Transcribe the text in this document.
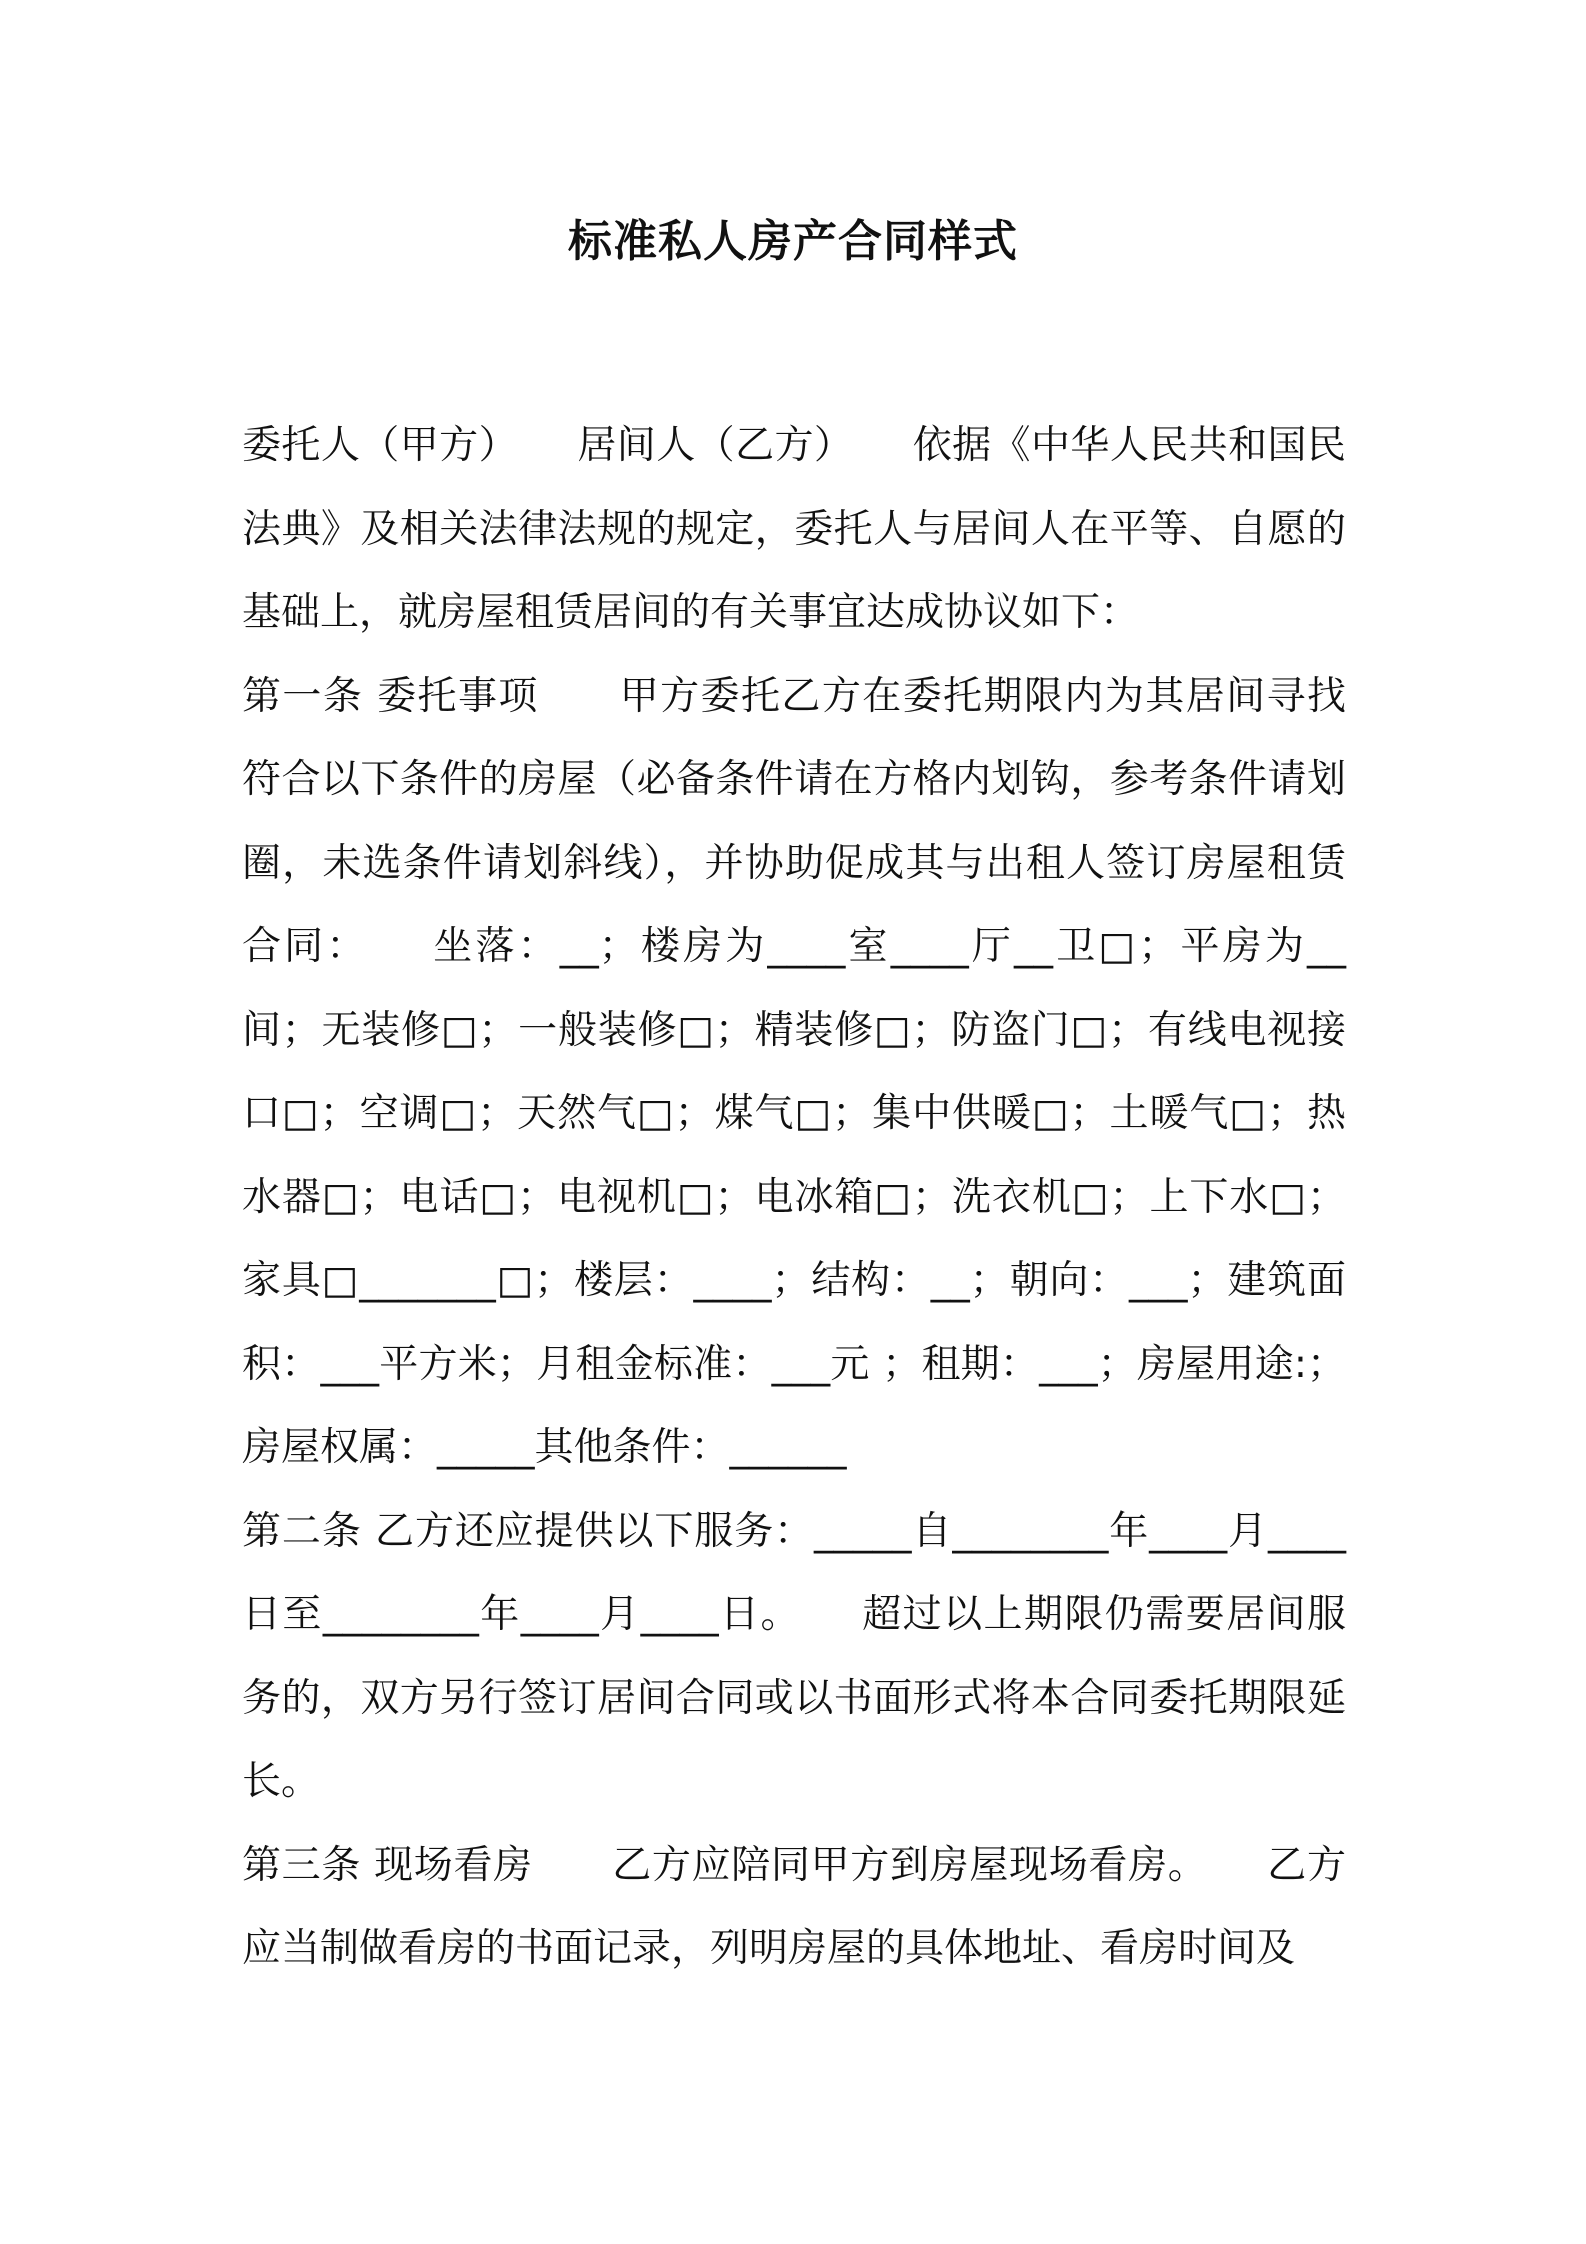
标准私人房产合同样式

委托人（甲方）　　居间人（乙方）　　依据《中华人民共和国民法典》及相关法律法规的规定，委托人与居间人在平等、自愿的基础上，就房屋租赁居间的有关事宜达成协议如下：

第一条 委托事项　　甲方委托乙方在委托期限内为其居间寻找符合以下条件的房屋（必备条件请在方格内划钩，参考条件请划圈，未选条件请划斜线），并协助促成其与出租人签订房屋租赁合同：　　坐落：__；楼房为____室____厅__卫□；平房为__间；无装修□；一般装修□；精装修□；防盗门□；有线电视接口□；空调□；天然气□；煤气□；集中供暖□；土暖气□；热水器□；电话□；电视机□；电冰箱□；洗衣机□；上下水□；家具□_______□；楼层：____；结构：__；朝向：___；建筑面积：___平方米；月租金标准：___元 ；租期：___；房屋用途:；房屋权属：_____其他条件：______

第二条 乙方还应提供以下服务：_____自________年____月____日至________年____月____日。　　超过以上期限仍需要居间服务的，双方另行签订居间合同或以书面形式将本合同委托期限延长。

第三条 现场看房　　乙方应陪同甲方到房屋现场看房。　　乙方应当制做看房的书面记录，列明房屋的具体地址、看房时间及
